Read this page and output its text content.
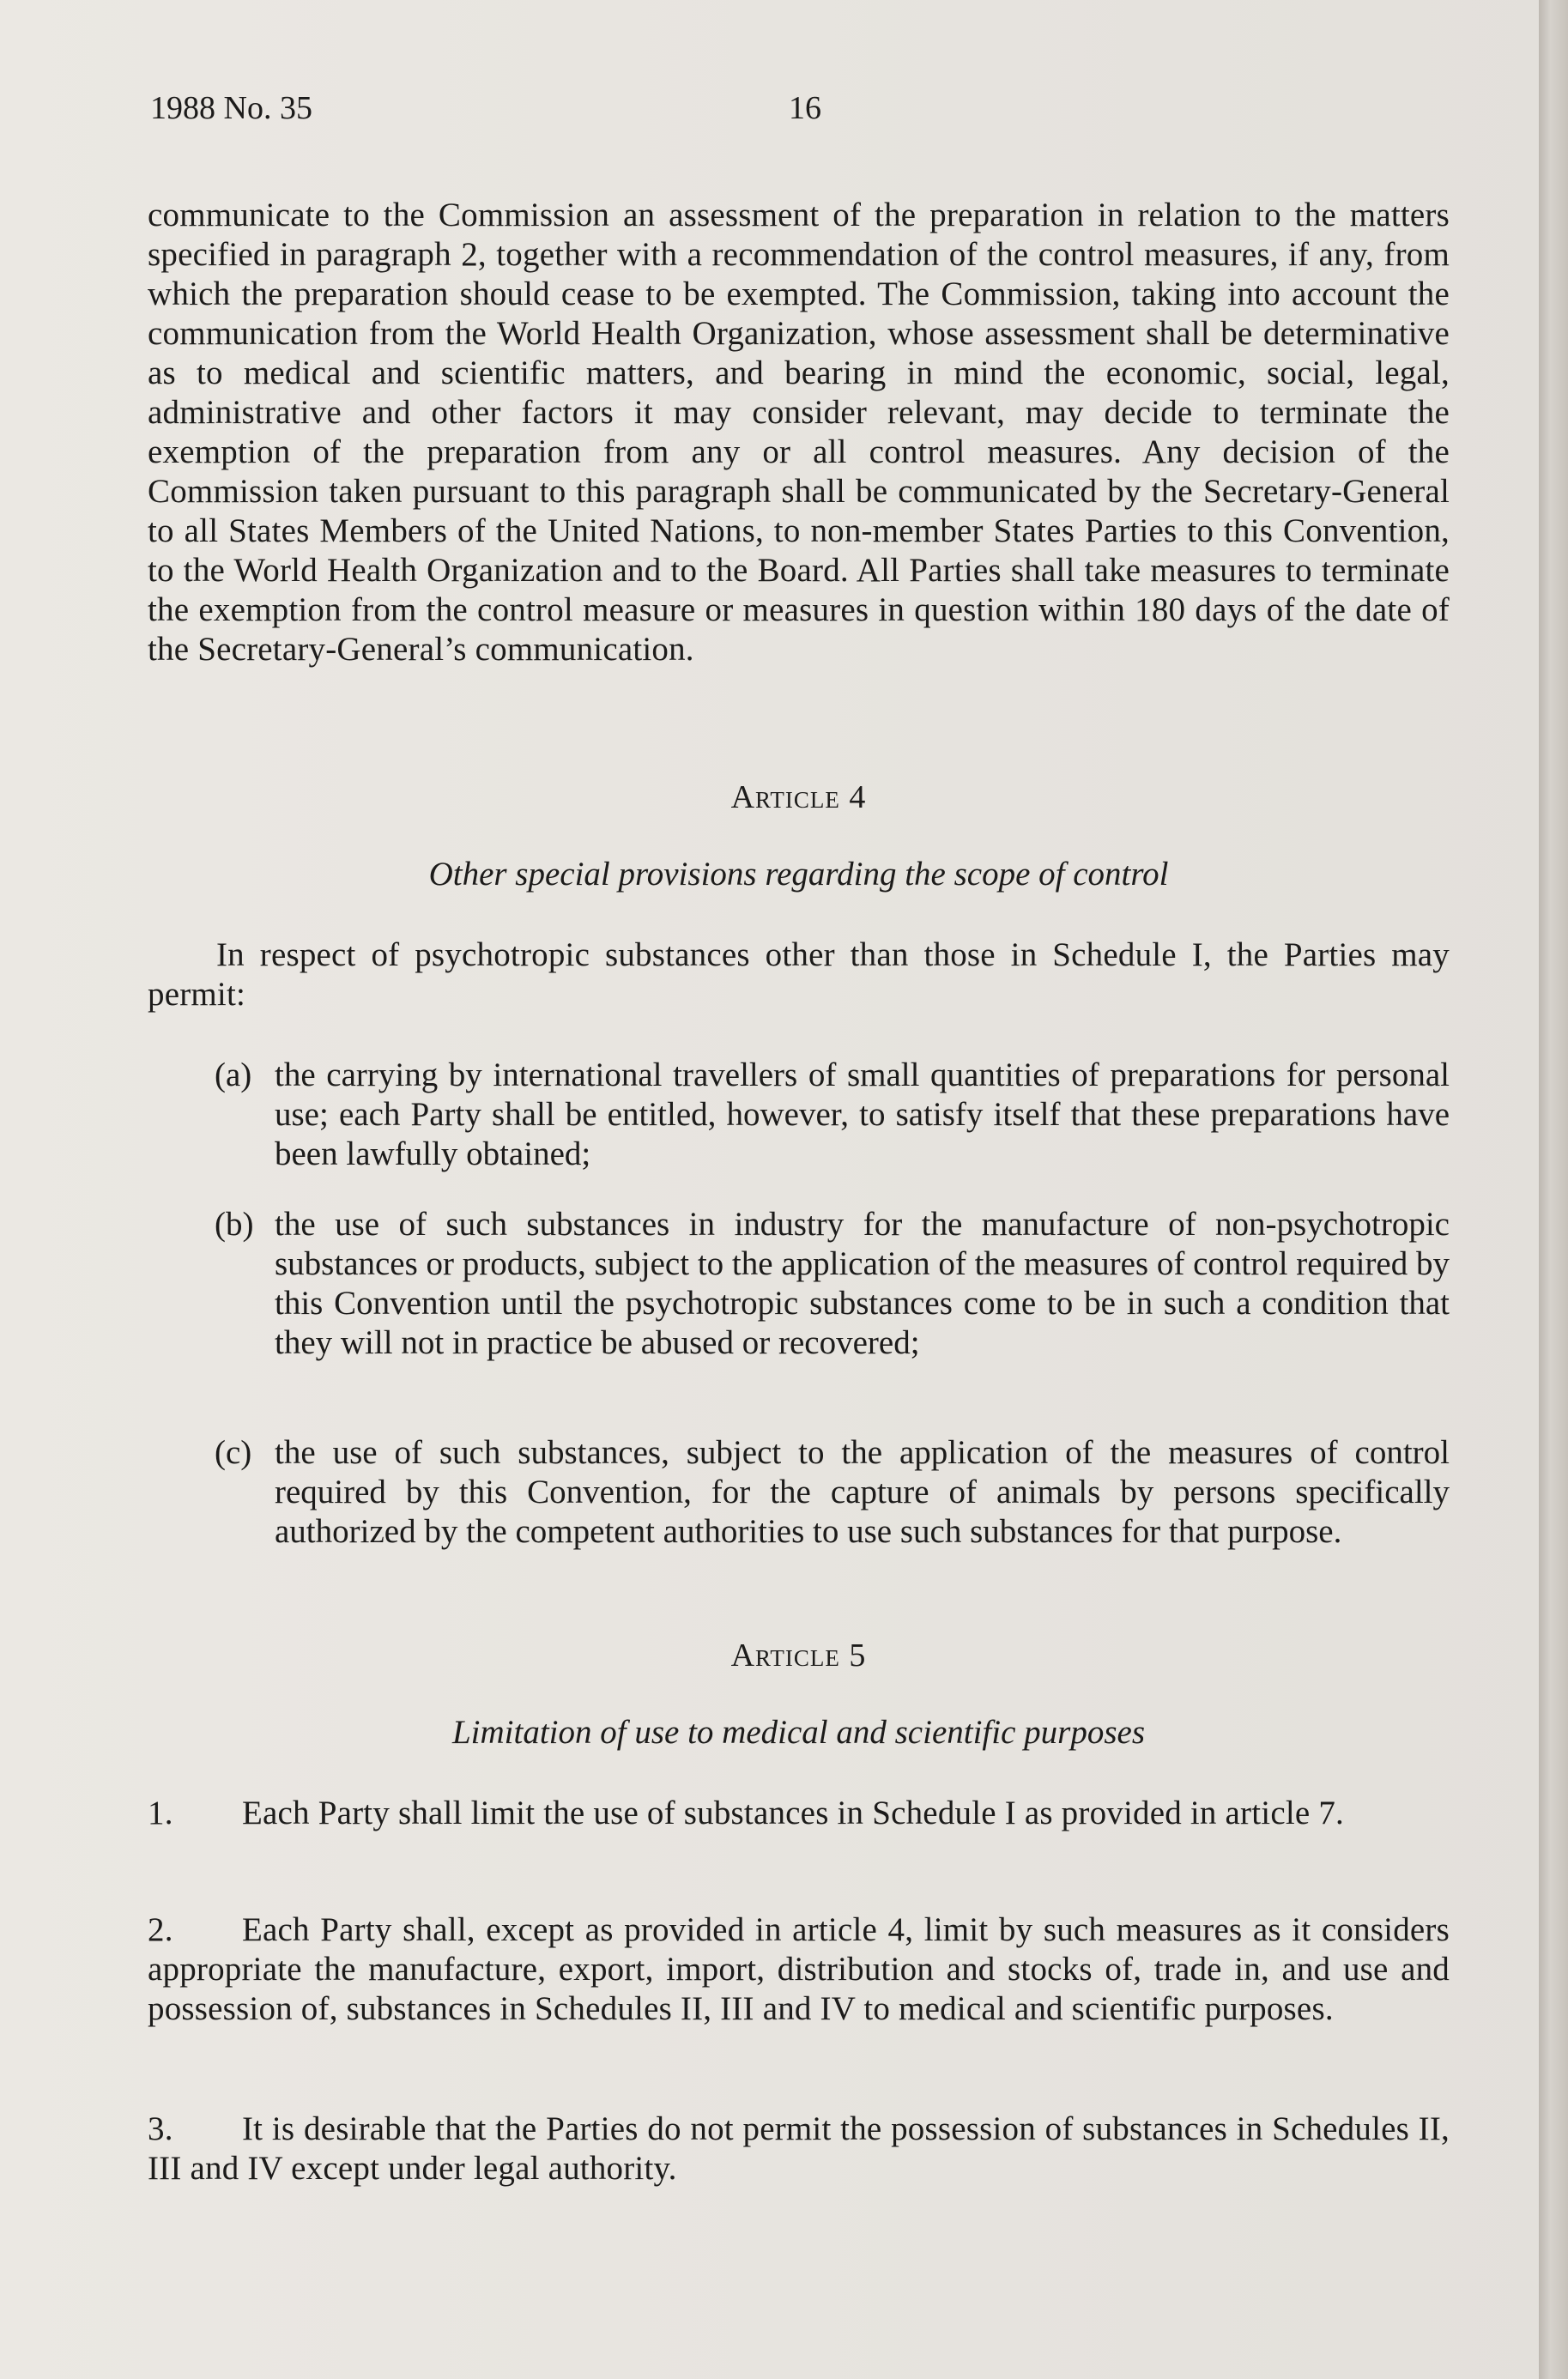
1988 No. 35	16
communicate to the Commission an assessment of the preparation in relation to the matters specified in paragraph 2, together with a recommendation of the control measures, if any, from which the preparation should cease to be exempted. The Commission, taking into account the communication from the World Health Organization, whose assessment shall be determinative as to medical and scientific matters, and bearing in mind the economic, social, legal, administrative and other factors it may consider relevant, may decide to terminate the exemption of the preparation from any or all control measures. Any decision of the Commission taken pursuant to this paragraph shall be communicated by the Secretary-General to all States Members of the United Nations, to non-member States Parties to this Convention, to the World Health Organization and to the Board. All Parties shall take measures to terminate the exemption from the control measure or measures in question within 180 days of the date of the Secretary-General’s communication.
Article 4
Other special provisions regarding the scope of control
In respect of psychotropic substances other than those in Schedule I, the Parties may permit:
(a) the carrying by international travellers of small quantities of preparations for personal use; each Party shall be entitled, however, to satisfy itself that these preparations have been lawfully obtained;
(b) the use of such substances in industry for the manufacture of non-psychotropic substances or products, subject to the application of the measures of control required by this Convention until the psychotropic substances come to be in such a condition that they will not in practice be abused or recovered;
(c) the use of such substances, subject to the application of the measures of control required by this Convention, for the capture of animals by persons specifically authorized by the competent authorities to use such substances for that purpose.
Article 5
Limitation of use to medical and scientific purposes
1. Each Party shall limit the use of substances in Schedule I as provided in article 7.
2. Each Party shall, except as provided in article 4, limit by such measures as it considers appropriate the manufacture, export, import, distribution and stocks of, trade in, and use and possession of, substances in Schedules II, III and IV to medical and scientific purposes.
3. It is desirable that the Parties do not permit the possession of substances in Schedules II, III and IV except under legal authority.
